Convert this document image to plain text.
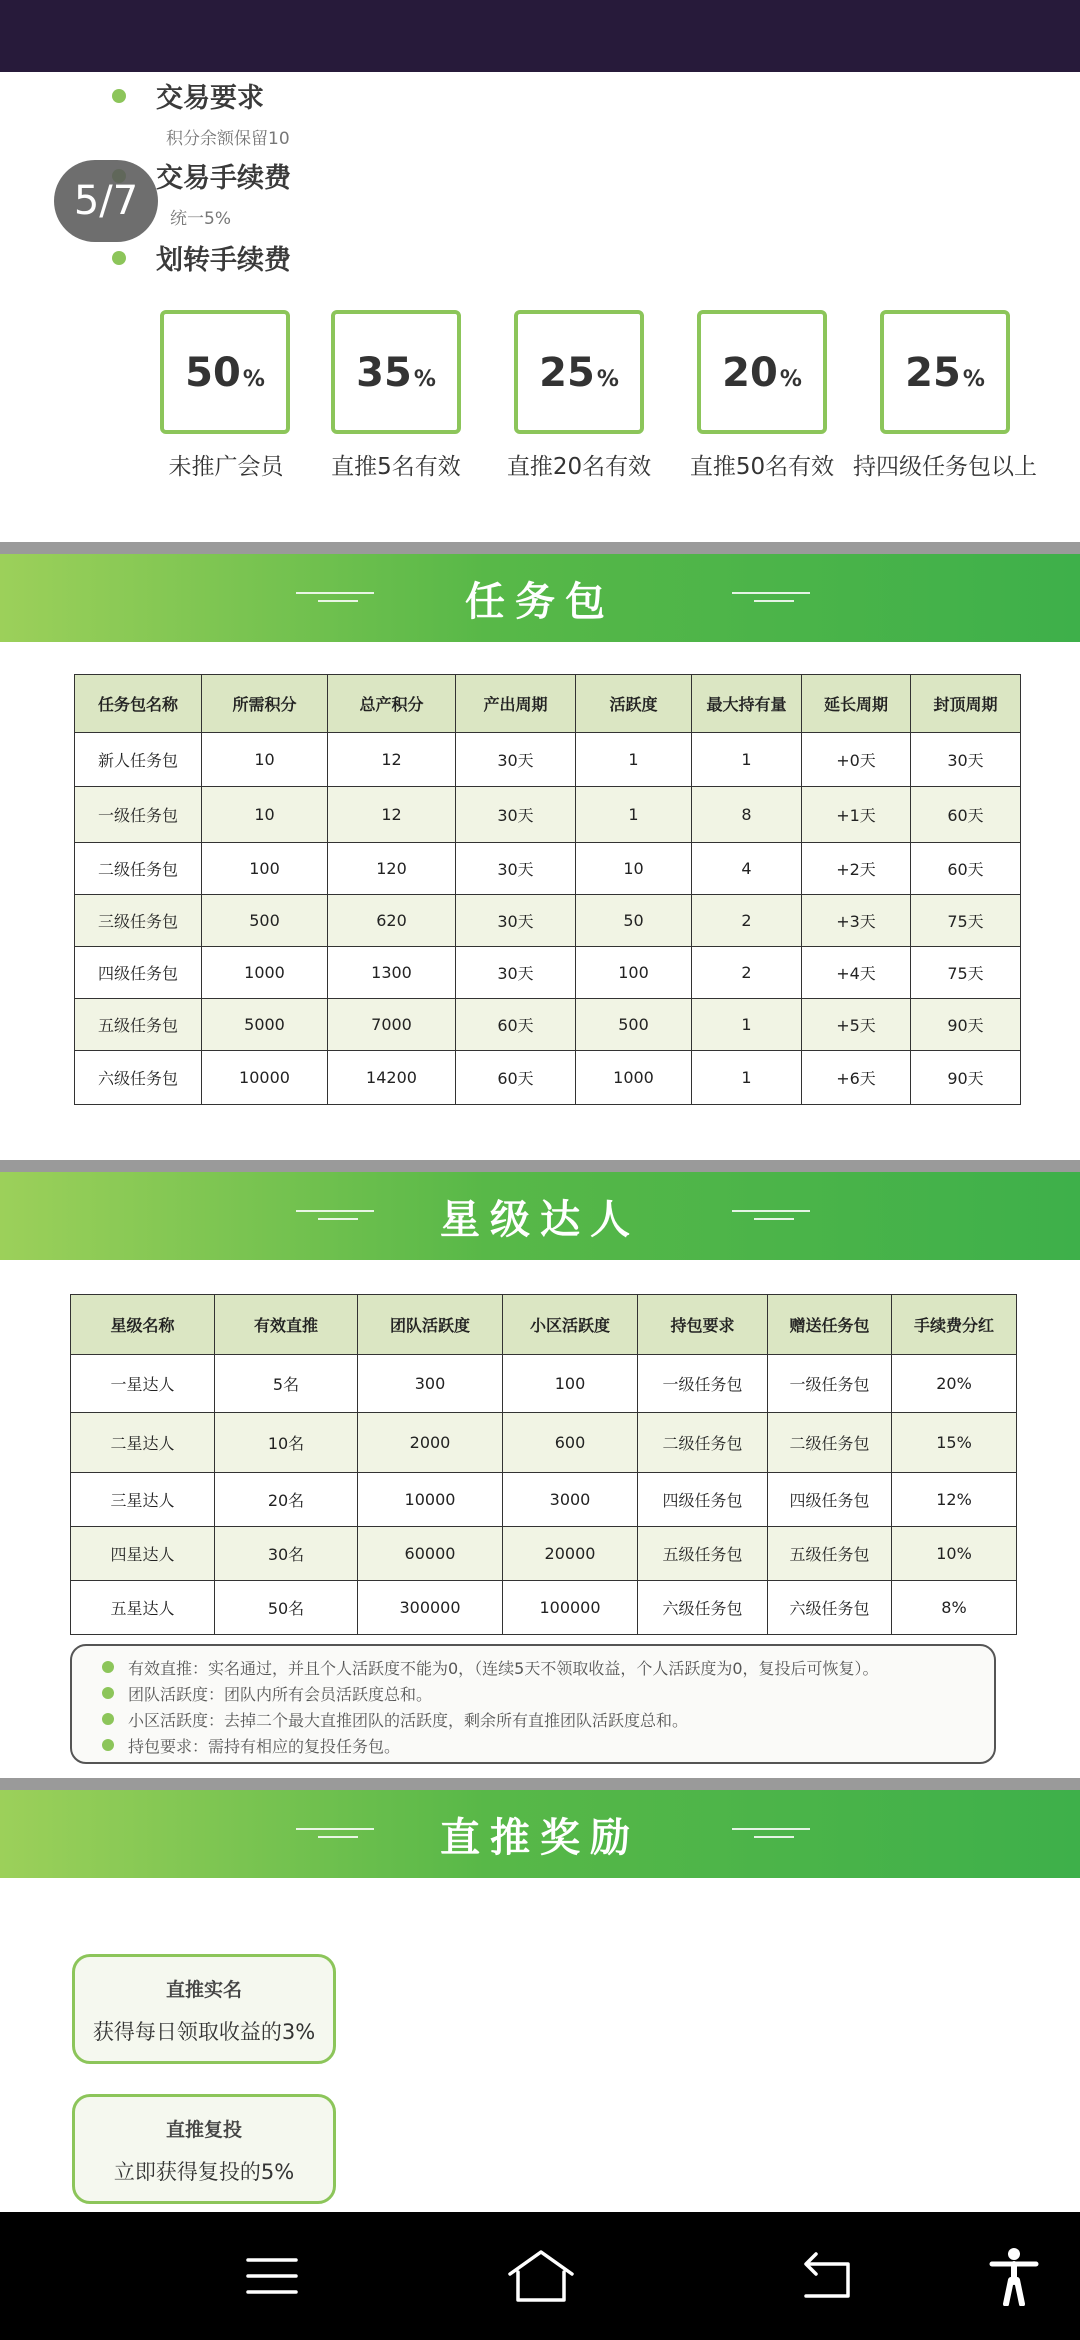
交易要求
积分余额保留10
交易手续费
统一5%
划转手续费
5/7
50 % 35 %	25 %	20 %	25 %
未推广会员	直推5名有效	直推20名有效	直推50名有效 持四级任务包以上
任务包
任务包名称	所需积分	总产积分	产出周期	活跃度	最大持有量	延长周期	封顶周期
新人任务包	10	12	30天	1	1	+0天	30天
一级任务包	10	12	30天	1	8	+1天	60天
二级任务包	100	120	30天	10	4	+2天	60天
三级任务包	500	620	30天	50	2	+3天	75天
四级任务包	1000	1300	30天	100	2	+4天	75天
五级任务包	5000	7000	60天	500	1	+5天	90天
六级任务包	10000	14200	60天	1000	1	+6天	90天
星级达人
星级名称	有效直推	团队活跃度	小区活跃度	持包要求	赠送任务包	手续费分红
一星达人	5名	300	100	一级任务包	一级任务包	20%
二星达人	10名	2000	600	二级任务包	二级任务包	15%
三星达人	20名	10000	3000	四级任务包	四级任务包	12%
四星达人	30名	60000	20000	五级任务包	五级任务包	10%
五星达人	50名	300000	100000	六级任务包	六级任务包	8%
有效直推：实名通过，并且个人活跃度不能为0，（连续5天不领取收益，个人活跃度为0，复投后可恢复）。
团队活跃度：团队内所有会员活跃度总和。
小区活跃度：去掉二个最大直推团队的活跃度，剩余所有直推团队活跃度总和。
持包要求：需持有相应的复投任务包。
直推奖励
直推实名
获得每日领取收益的3%
直推复投
立即获得复投的5%
